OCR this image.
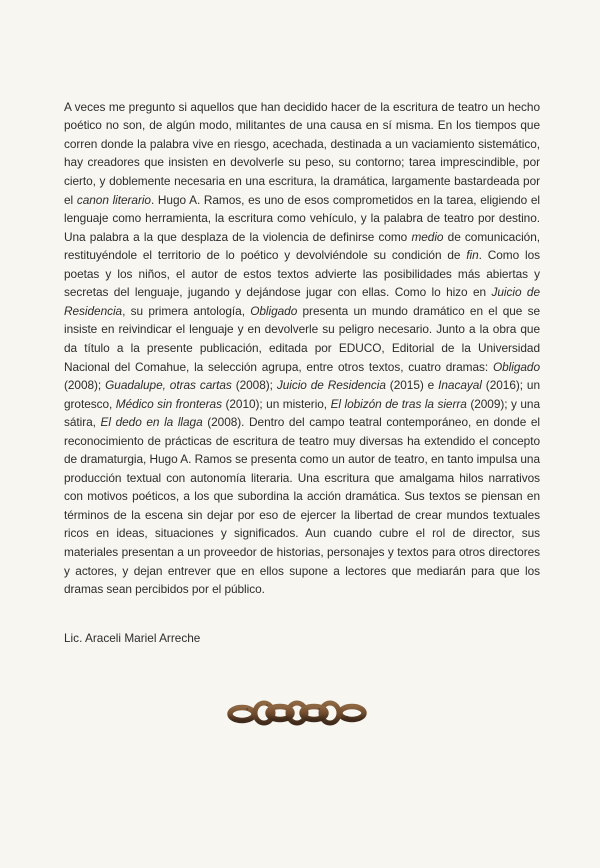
A veces me pregunto si aquellos que han decidido hacer de la escritura de teatro un hecho poético no son, de algún modo, militantes de una causa en sí misma. En los tiempos que corren donde la palabra vive en riesgo, acechada, destinada a un vaciamiento sistemático, hay creadores que insisten en devolverle su peso, su contorno; tarea imprescindible, por cierto, y doblemente necesaria en una escritura, la dramática, largamente bastardeada por el canon literario. Hugo A. Ramos, es uno de esos comprometidos en la tarea, eligiendo el lenguaje como herramienta, la escritura como vehículo, y la palabra de teatro por destino. Una palabra a la que desplaza de la violencia de definirse como medio de comunicación, restituyéndole el territorio de lo poético y devolviéndole su condición de fin. Como los poetas y los niños, el autor de estos textos advierte las posibilidades más abiertas y secretas del lenguaje, jugando y dejándose jugar con ellas. Como lo hizo en Juicio de Residencia, su primera antología, Obligado presenta un mundo dramático en el que se insiste en reivindicar el lenguaje y en devolverle su peligro necesario. Junto a la obra que da título a la presente publicación, editada por EDUCO, Editorial de la Universidad Nacional del Comahue, la selección agrupa, entre otros textos, cuatro dramas: Obligado (2008); Guadalupe, otras cartas (2008); Juicio de Residencia (2015) e Inacayal (2016); un grotesco, Médico sin fronteras (2010); un misterio, El lobizón de tras la sierra (2009); y una sátira, El dedo en la llaga (2008). Dentro del campo teatral contemporáneo, en donde el reconocimiento de prácticas de escritura de teatro muy diversas ha extendido el concepto de dramaturgia, Hugo A. Ramos se presenta como un autor de teatro, en tanto impulsa una producción textual con autonomía literaria. Una escritura que amalgama hilos narrativos con motivos poéticos, a los que subordina la acción dramática. Sus textos se piensan en términos de la escena sin dejar por eso de ejercer la libertad de crear mundos textuales ricos en ideas, situaciones y significados. Aun cuando cubre el rol de director, sus materiales presentan a un proveedor de historias, personajes y textos para otros directores y actores, y dejan entrever que en ellos supone a lectores que mediarán para que los dramas sean percibidos por el público.

Lic. Araceli Mariel Arreche
